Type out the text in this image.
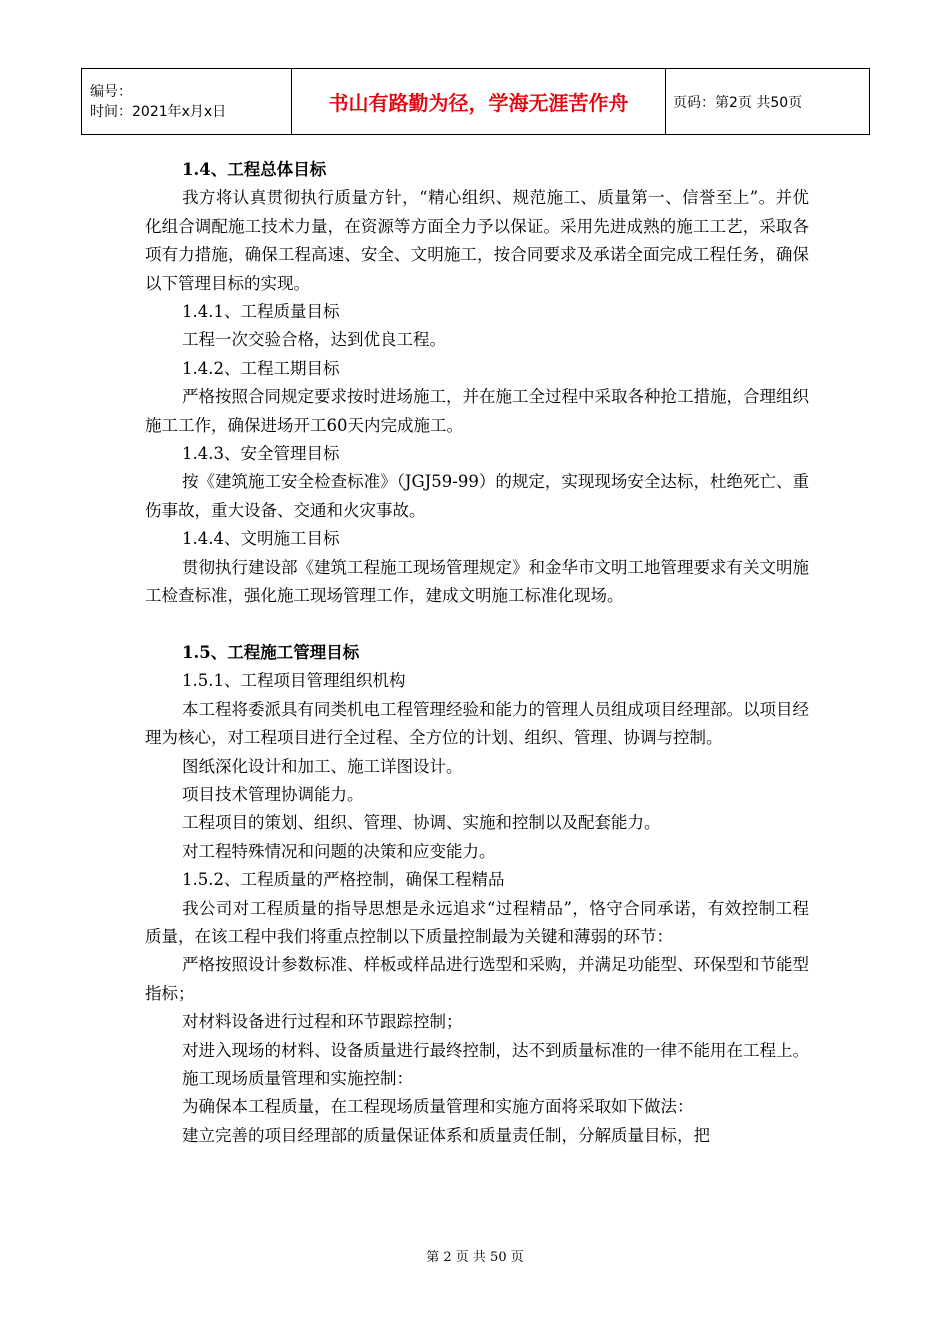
编号：
时间：2021年x月x日	书山有路勤为径，学海无涯苦作舟	页码：第2页 共50页

1.4、工程总体目标

我方将认真贯彻执行质量方针，“精心组织、规范施工、质量第一、信誉至上”。并优化组合调配施工技术力量，在资源等方面全力予以保证。采用先进成熟的施工工艺，采取各项有力措施，确保工程高速、安全、文明施工，按合同要求及承诺全面完成工程任务，确保以下管理目标的实现。

1.4.1、工程质量目标

工程一次交验合格，达到优良工程。

1.4.2、工程工期目标

严格按照合同规定要求按时进场施工，并在施工全过程中采取各种抢工措施，合理组织施工工作，确保进场开工60天内完成施工。

1.4.3、安全管理目标

按《建筑施工安全检查标准》（JGJ59-99）的规定，实现现场安全达标，杜绝死亡、重伤事故，重大设备、交通和火灾事故。

1.4.4、文明施工目标

贯彻执行建设部《建筑工程施工现场管理规定》和金华市文明工地管理要求有关文明施工检查标准，强化施工现场管理工作，建成文明施工标准化现场。

1.5、工程施工管理目标

1.5.1、工程项目管理组织机构

本工程将委派具有同类机电工程管理经验和能力的管理人员组成项目经理部。以项目经理为核心，对工程项目进行全过程、全方位的计划、组织、管理、协调与控制。

图纸深化设计和加工、施工详图设计。

项目技术管理协调能力。

工程项目的策划、组织、管理、协调、实施和控制以及配套能力。

对工程特殊情况和问题的决策和应变能力。

1.5.2、工程质量的严格控制，确保工程精品

我公司对工程质量的指导思想是永远追求“过程精品”，恪守合同承诺，有效控制工程质量，在该工程中我们将重点控制以下质量控制最为关键和薄弱的环节：

严格按照设计参数标准、样板或样品进行选型和采购，并满足功能型、环保型和节能型指标；

对材料设备进行过程和环节跟踪控制；

对进入现场的材料、设备质量进行最终控制，达不到质量标准的一律不能用在工程上。

施工现场质量管理和实施控制：

为确保本工程质量，在工程现场质量管理和实施方面将采取如下做法：

建立完善的项目经理部的质量保证体系和质量责任制，分解质量目标，把

第 2 页 共 50 页
